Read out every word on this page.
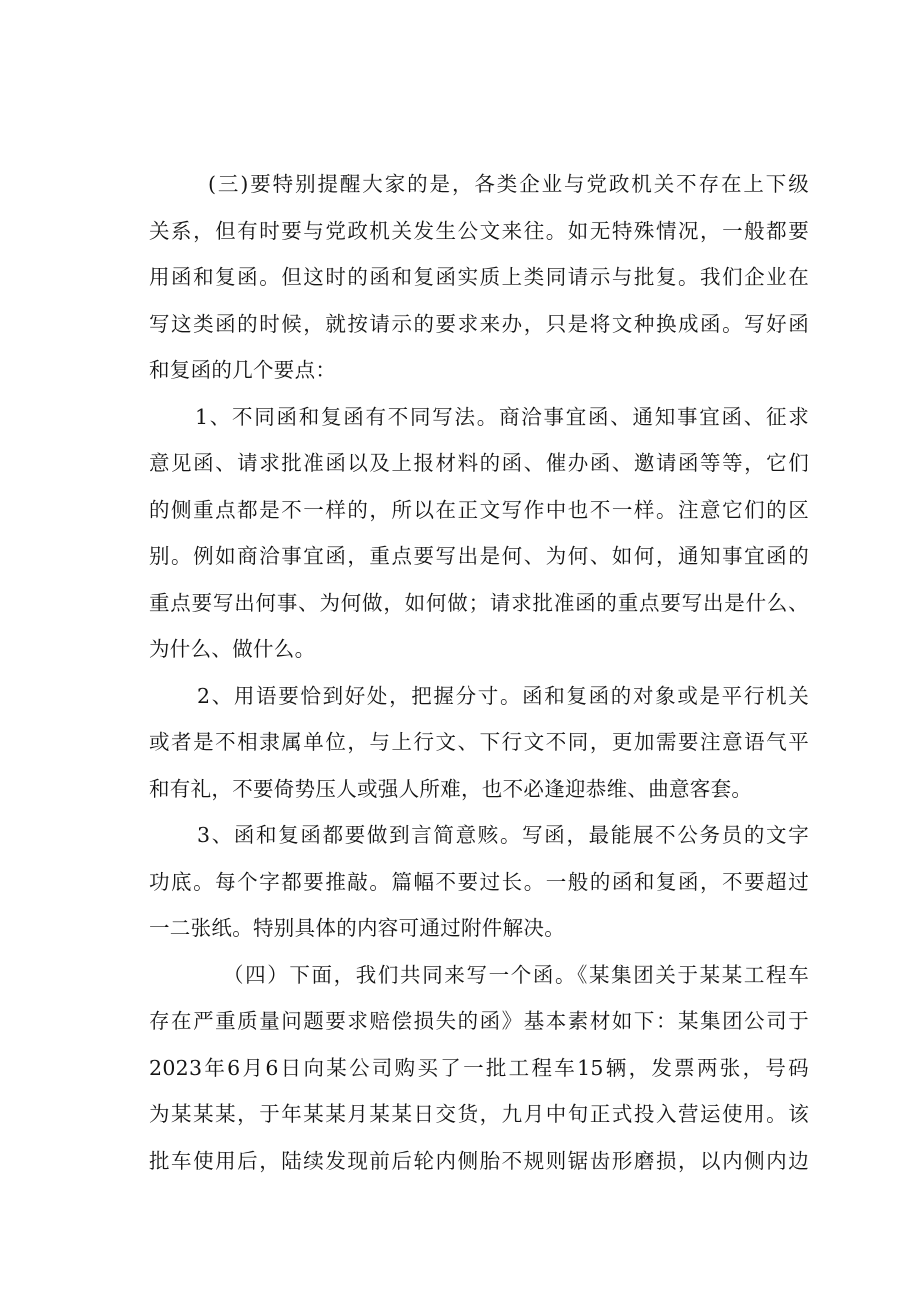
(三)要特别提醒大家的是，各类企业与党政机关不存在上下级
关系，但有时要与党政机关发生公文来往。如无特殊情况，一般都要
用函和复函。但这时的函和复函实质上类同请示与批复。我们企业在
写这类函的时候，就按请示的要求来办，只是将文种换成函。写好函
和复函的几个要点：
1、不同函和复函有不同写法。商洽事宜函、通知事宜函、征求
意见函、请求批准函以及上报材料的函、催办函、邀请函等等，它们
的侧重点都是不一样的，所以在正文写作中也不一样。注意它们的区
别。例如商洽事宜函，重点要写出是何、为何、如何，通知事宜函的
重点要写出何事、为何做，如何做；请求批准函的重点要写出是什么、
为什么、做什么。
2、用语要恰到好处，把握分寸。函和复函的对象或是平行机关
或者是不相隶属单位，与上行文、下行文不同，更加需要注意语气平
和有礼，不要倚势压人或强人所难，也不必逢迎恭维、曲意客套。
3、函和复函都要做到言简意赅。写函，最能展不公务员的文字
功底。每个字都要推敲。篇幅不要过长。一般的函和复函，不要超过
一二张纸。特别具体的内容可通过附件解决。
（四）下面，我们共同来写一个函。《某集团关于某某工程车
存在严重质量问题要求赔偿损失的函》基本素材如下：某集团公司于
2023年6月6日向某公司购买了一批工程车15辆，发票两张，号码
为某某某，于年某某月某某日交货，九月中旬正式投入营运使用。该
批车使用后，陆续发现前后轮内侧胎不规则锯齿形磨损，以内侧内边
